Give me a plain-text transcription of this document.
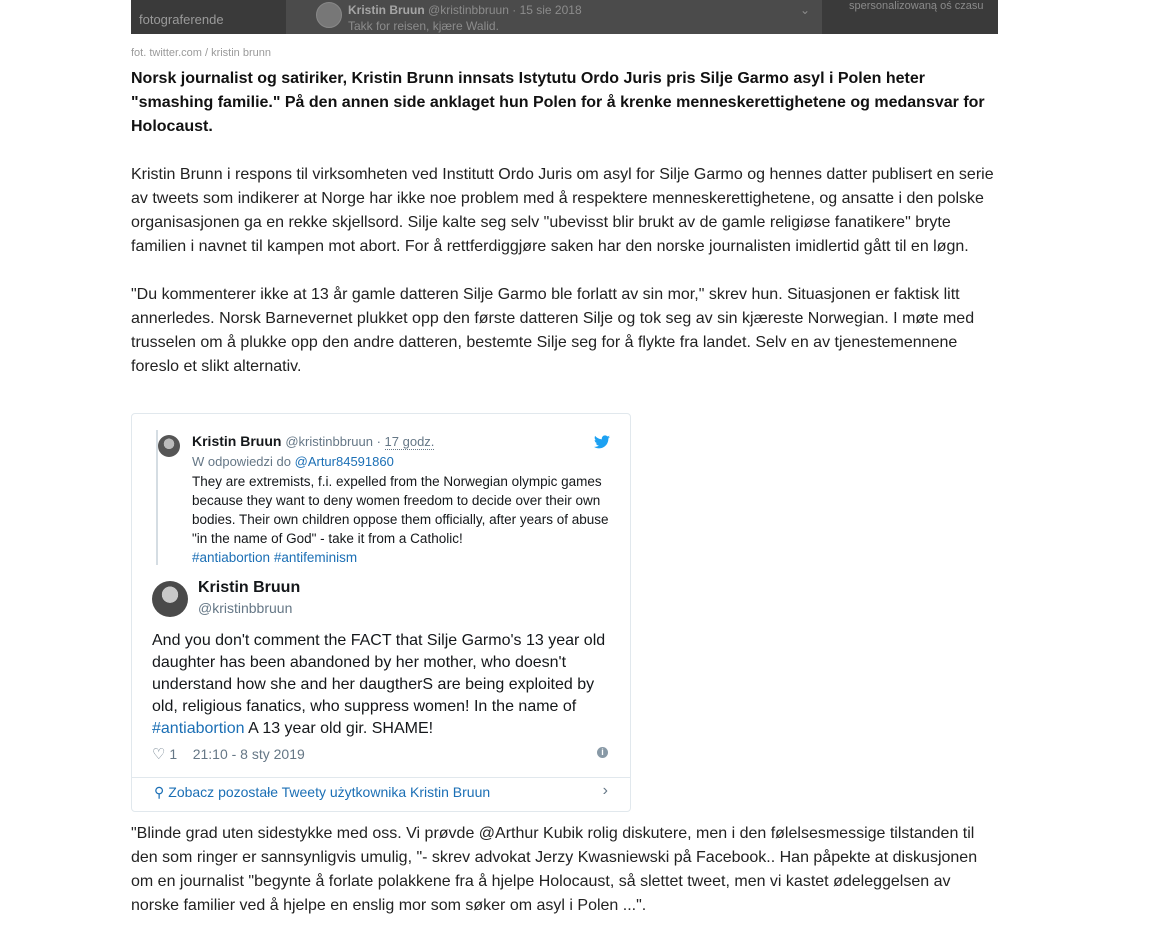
fotograferende
Kristin Bruun @kristinbbruun · 15 sie 2018
Takk for reisen, kjære Walid.
⌄	spersonalizowaną oś czasu
fot. twitter.com / kristin brunn

Norsk journalist og satiriker, Kristin Brunn innsats Istytutu Ordo Juris pris Silje Garmo asyl i Polen heter "smashing familie." På den annen side anklaget hun Polen for å krenke menneskerettighetene og medansvar for Holocaust.

Kristin Brunn i respons til virksomheten ved Institutt Ordo Juris om asyl for Silje Garmo og hennes datter publisert en serie av tweets som indikerer at Norge har ikke noe problem med å respektere menneskerettighetene, og ansatte i den polske organisasjonen ga en rekke skjellsord. Silje kalte seg selv "ubevisst blir brukt av de gamle religiøse fanatikere" bryte familien i navnet til kampen mot abort. For å rettferdiggjøre saken har den norske journalisten imidlertid gått til en løgn.

"Du kommenterer ikke at 13 år gamle datteren Silje Garmo ble forlatt av sin mor," skrev hun. Situasjonen er faktisk litt annerledes. Norsk Barnevernet plukket opp den første datteren Silje og tok seg av sin kjæreste Norwegian. I møte med trusselen om å plukke opp den andre datteren, bestemte Silje seg for å flykte fra landet. Selv en av tjenestemennene foreslo et slikt alternativ.

Kristin Bruun @kristinbbruun · 17 godz.
W odpowiedzi do @Artur84591860

They are extremists, f.i. expelled from the Norwegian olympic games because they want to deny women freedom to decide over their own bodies. Their own children oppose them officially, after years of abuse "in the name of God" - take it from a Catholic!
#antiabortion #antifeminism

Kristin Bruun
@kristinbbruun

And you don't comment the FACT that Silje Garmo's 13 year old daughter has been abandoned by her mother, who doesn't understand how she and her daugtherS are being exploited by old, religious fanatics, who suppress women! In the name of #antiabortion A 13 year old gir. SHAME!

♡ 1 21:10 - 8 sty 2019	i
⚲ Zobacz pozostałe Tweety użytkownika Kristin Bruun	›

"Blinde grad uten sidestykke med oss. Vi prøvde @Arthur Kubik rolig diskutere, men i den følelsesmessige tilstanden til den som ringer er sannsynligvis umulig, "- skrev advokat Jerzy Kwasniewski på Facebook.. Han påpekte at diskusjonen om en journalist "begynte å forlate polakkene fra å hjelpe Holocaust, så slettet tweet, men vi kastet ødeleggelsen av norske familier ved å hjelpe en enslig mor som søker om asyl i Polen ...".
